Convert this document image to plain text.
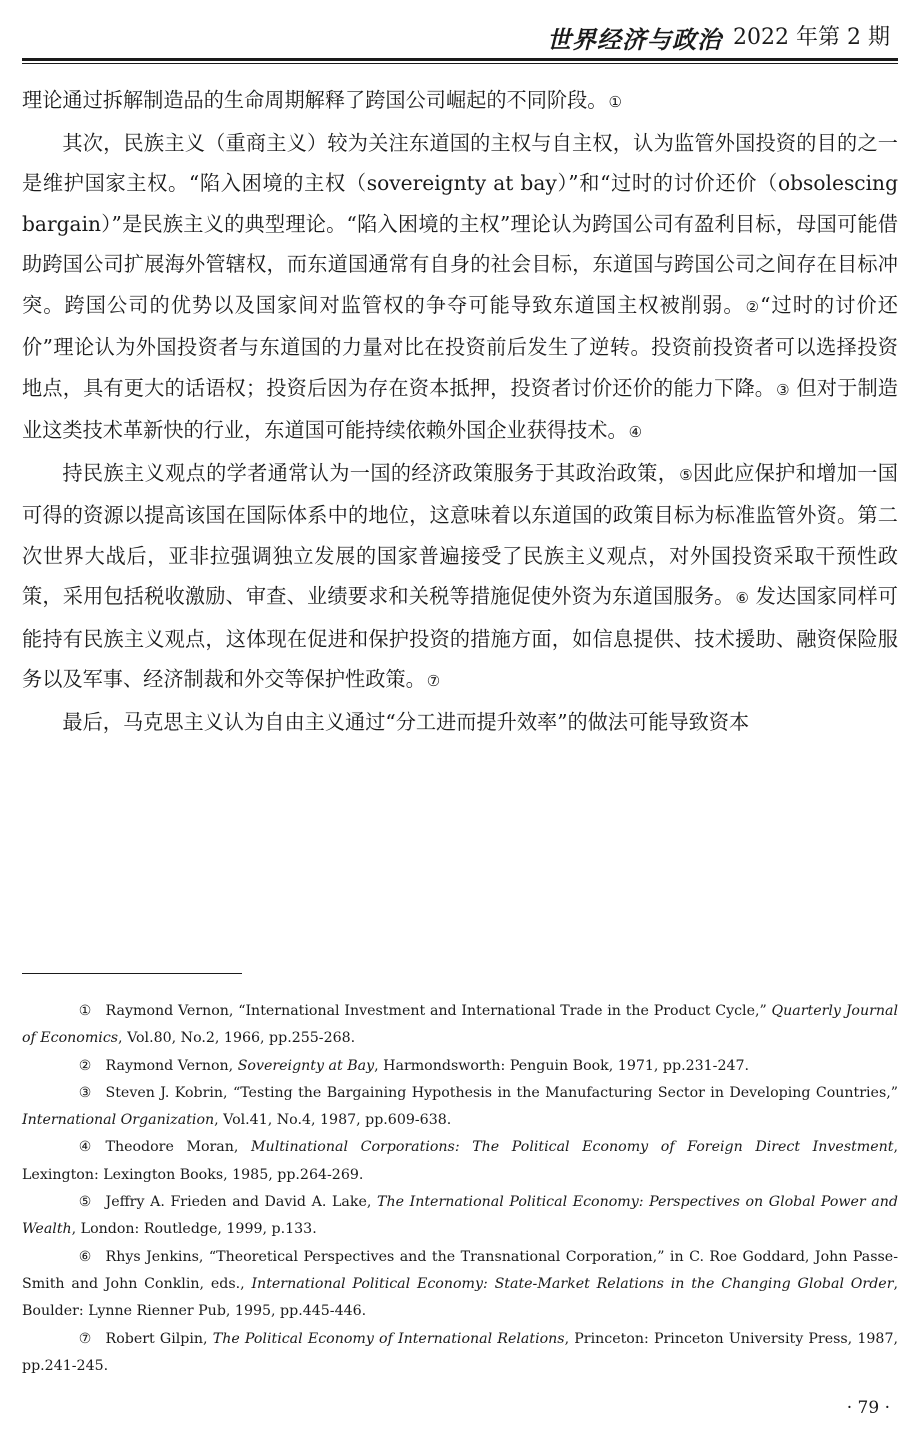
世界经济与政治 2022 年第 2 期

理论通过拆解制造品的生命周期解释了跨国公司崛起的不同阶段。①

其次，民族主义（重商主义）较为关注东道国的主权与自主权，认为监管外国投资的目的之一是维护国家主权。“陷入困境的主权（sovereignty at bay）”和“过时的讨价还价（obsolescing bargain）”是民族主义的典型理论。“陷入困境的主权”理论认为跨国公司有盈利目标，母国可能借助跨国公司扩展海外管辖权，而东道国通常有自身的社会目标，东道国与跨国公司之间存在目标冲突。跨国公司的优势以及国家间对监管权的争夺可能导致东道国主权被削弱。②“过时的讨价还价”理论认为外国投资者与东道国的力量对比在投资前后发生了逆转。投资前投资者可以选择投资地点，具有更大的话语权；投资后因为存在资本抵押，投资者讨价还价的能力下降。③ 但对于制造业这类技术革新快的行业，东道国可能持续依赖外国企业获得技术。④

持民族主义观点的学者通常认为一国的经济政策服务于其政治政策，⑤因此应保护和增加一国可得的资源以提高该国在国际体系中的地位，这意味着以东道国的政策目标为标准监管外资。第二次世界大战后，亚非拉强调独立发展的国家普遍接受了民族主义观点，对外国投资采取干预性政策，采用包括税收激励、审查、业绩要求和关税等措施促使外资为东道国服务。⑥ 发达国家同样可能持有民族主义观点，这体现在促进和保护投资的措施方面，如信息提供、技术援助、融资保险服务以及军事、经济制裁和外交等保护性政策。⑦

最后，马克思主义认为自由主义通过“分工进而提升效率”的做法可能导致资本

① Raymond Vernon, “International Investment and International Trade in the Product Cycle,” Quarterly Journal of Economics, Vol.80, No.2, 1966, pp.255-268.

② Raymond Vernon, Sovereignty at Bay, Harmondsworth: Penguin Book, 1971, pp.231-247.

③ Steven J. Kobrin, “Testing the Bargaining Hypothesis in the Manufacturing Sector in Developing Countries,” International Organization, Vol.41, No.4, 1987, pp.609-638.

④ Theodore Moran, Multinational Corporations: The Political Economy of Foreign Direct Investment, Lexington: Lexington Books, 1985, pp.264-269.

⑤ Jeffry A. Frieden and David A. Lake, The International Political Economy: Perspectives on Global Power and Wealth, London: Routledge, 1999, p.133.

⑥ Rhys Jenkins, “Theoretical Perspectives and the Transnational Corporation,” in C. Roe Goddard, John Passe-Smith and John Conklin, eds., International Political Economy: State-Market Relations in the Changing Global Order, Boulder: Lynne Rienner Pub, 1995, pp.445-446.

⑦ Robert Gilpin, The Political Economy of International Relations, Princeton: Princeton University Press, 1987, pp.241-245.

· 79 ·
